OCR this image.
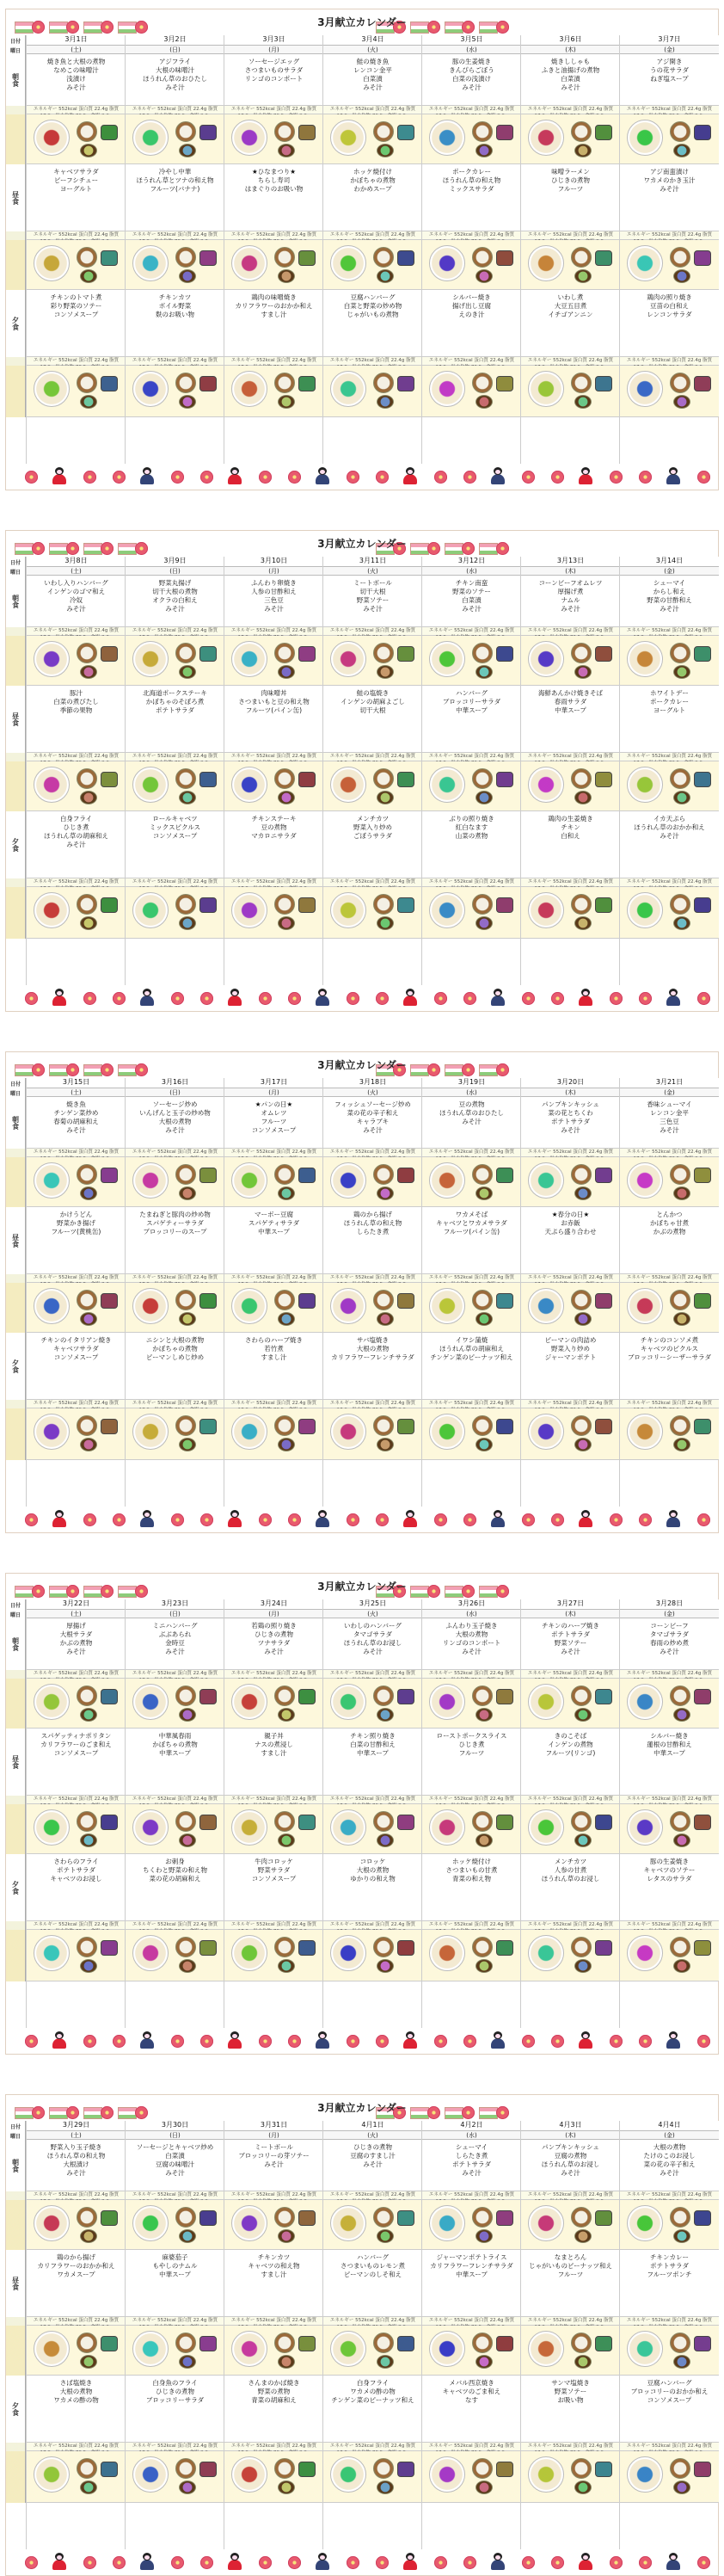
3月献立カレンダー
日付
曜日
朝食
昼食
夕食
3月1日
(土)
焼き魚と大根の煮物
なめこの味噌汁
浅漬け
みそ汁
エネルギー 552kcal 蛋白質 22.4g 脂質
エネルギー 552kcal 蛋白質 22.4g 脂質
エネルギー 552kcal 蛋白質 22.4g 脂質
キャベツサラダ
ビーフシチュー
ヨーグルト
チキンのトマト煮
彩り野菜のソテー
コンソメスープ
3月2日
(日)
アジフライ
大根の味噌汁
ほうれん草のおひたし
みそ汁
エネルギー 552kcal 蛋白質 22.4g 脂質
エネルギー 552kcal 蛋白質 22.4g 脂質
エネルギー 552kcal 蛋白質 22.4g 脂質
冷やし中華
ほうれん草とツナの和え物
フルーツ(バナナ)
チキンカツ
ボイル野菜
麩のお吸い物
3月3日
(月)
ソーセージエッグ
さつまいものサラダ
リンゴのコンポート
エネルギー 552kcal 蛋白質 22.4g 脂質
エネルギー 552kcal 蛋白質 22.4g 脂質
エネルギー 552kcal 蛋白質 22.4g 脂質
★ひなまつり★
ちらし寿司
はまぐりのお吸い物
鶏肉の味噌焼き
カリフラワーのおかか和え
すまし汁
3月4日
(火)
鮭の焼き魚
レンコン金平
白菜漬
みそ汁
エネルギー 552kcal 蛋白質 22.4g 脂質
エネルギー 552kcal 蛋白質 22.4g 脂質
エネルギー 552kcal 蛋白質 22.4g 脂質
ホッケ焼付け
かぼちゃの煮物
わかめスープ
豆腐ハンバーグ
白菜と野菜の炒め物
じゃがいもの煮物
3月5日
(水)
豚の生姜焼き
きんぴらごぼう
白菜の浅漬け
みそ汁
エネルギー 552kcal 蛋白質 22.4g 脂質
エネルギー 552kcal 蛋白質 22.4g 脂質
エネルギー 552kcal 蛋白質 22.4g 脂質
ポークカレー
ほうれん草の和え物
ミックスサラダ
シルバー焼き
揚げ出し豆腐
えのき汁
3月6日
(木)
焼きししゃも
ふきと油揚げの煮物
白菜漬
みそ汁
エネルギー 552kcal 蛋白質 22.4g 脂質
エネルギー 552kcal 蛋白質 22.4g 脂質
エネルギー 552kcal 蛋白質 22.4g 脂質
味噌ラーメン
ひじきの煮物
フルーツ
いわし煮
大豆五目煮
イチゴアンニン
3月7日
(金)
アジ開き
うの花サラダ
ねぎ塩スープ
エネルギー 552kcal 蛋白質 22.4g 脂質
エネルギー 552kcal 蛋白質 22.4g 脂質
エネルギー 552kcal 蛋白質 22.4g 脂質
アジ南蛮漬け
ワカメのかき玉汁
みそ汁
鶏肉の照り焼き
豆苗の白和え
レンコンサラダ
3月献立カレンダー
日付
曜日
朝食
昼食
夕食
3月8日
(土)
いわし入りハンバーグ
インゲンのゴマ和え
冷奴
みそ汁
エネルギー 552kcal 蛋白質 22.4g 脂質
エネルギー 552kcal 蛋白質 22.4g 脂質
エネルギー 552kcal 蛋白質 22.4g 脂質
豚汁
白菜の煮びたし
季節の果物
白身フライ
ひじき煮
ほうれん草の胡麻和え
みそ汁
3月9日
(日)
野菜丸揚げ
切干大根の煮物
オクラの白和え
みそ汁
エネルギー 552kcal 蛋白質 22.4g 脂質
エネルギー 552kcal 蛋白質 22.4g 脂質
エネルギー 552kcal 蛋白質 22.4g 脂質
北海道ポークステーキ
かぼちゃのそぼろ煮
ポテトサラダ
ロールキャベツ
ミックスピクルス
コンソメスープ
3月10日
(月)
ふんわり卵焼き
人参の甘酢和え
三色豆
みそ汁
エネルギー 552kcal 蛋白質 22.4g 脂質
エネルギー 552kcal 蛋白質 22.4g 脂質
エネルギー 552kcal 蛋白質 22.4g 脂質
肉味噌丼
さつまいもと豆の和え物
フルーツ(パイン缶)
チキンステーキ
豆の煮物
マカロニサラダ
3月11日
(火)
ミートボール
切干大根
野菜ソテー
みそ汁
エネルギー 552kcal 蛋白質 22.4g 脂質
エネルギー 552kcal 蛋白質 22.4g 脂質
エネルギー 552kcal 蛋白質 22.4g 脂質
鮭の塩焼き
インゲンの胡麻よごし
切干大根
メンチカツ
野菜入り炒め
ごぼうサラダ
3月12日
(水)
チキン南蛮
野菜のソテー
白菜漬
みそ汁
エネルギー 552kcal 蛋白質 22.4g 脂質
エネルギー 552kcal 蛋白質 22.4g 脂質
エネルギー 552kcal 蛋白質 22.4g 脂質
ハンバーグ
ブロッコリーサラダ
中華スープ
ぶりの照り焼き
紅白なます
山菜の煮物
3月13日
(木)
コーンビーフオムレツ
厚揚げ煮
ナムル
みそ汁
エネルギー 552kcal 蛋白質 22.4g 脂質
エネルギー 552kcal 蛋白質 22.4g 脂質
エネルギー 552kcal 蛋白質 22.4g 脂質
海鮮あんかけ焼きそば
春雨サラダ
中華スープ
鶏肉の生姜焼き
チキン
白和え
3月14日
(金)
シューマイ
からし和え
野菜の甘酢和え
みそ汁
エネルギー 552kcal 蛋白質 22.4g 脂質
エネルギー 552kcal 蛋白質 22.4g 脂質
エネルギー 552kcal 蛋白質 22.4g 脂質
ホワイトデー
ポークカレー
ヨーグルト
イカ天ぷら
ほうれん草のおかか和え
みそ汁
3月献立カレンダー
日付
曜日
朝食
昼食
夕食
3月15日
(土)
焼き魚
チンゲン菜炒め
春菊の胡麻和え
みそ汁
エネルギー 552kcal 蛋白質 22.4g 脂質
エネルギー 552kcal 蛋白質 22.4g 脂質
エネルギー 552kcal 蛋白質 22.4g 脂質
かけうどん
野菜かき揚げ
フルーツ(黄桃缶)
チキンのイタリアン焼き
キャベツサラダ
コンソメスープ
3月16日
(日)
ソーセージ炒め
いんげんと玉子の炒め物
大根の煮物
みそ汁
エネルギー 552kcal 蛋白質 22.4g 脂質
エネルギー 552kcal 蛋白質 22.4g 脂質
エネルギー 552kcal 蛋白質 22.4g 脂質
たまねぎと豚肉の炒め物
スパゲティーサラダ
プロッコリーのスープ
ニシンと大根の煮物
かぼちゃの煮物
ピーマンしめじ炒め
3月17日
(月)
★パンの日★
オムレツ
フルーツ
コンソメスープ
エネルギー 552kcal 蛋白質 22.4g 脂質
エネルギー 552kcal 蛋白質 22.4g 脂質
エネルギー 552kcal 蛋白質 22.4g 脂質
マーボー豆腐
スパゲティサラダ
中華スープ
さわらのハーブ焼き
若竹煮
すまし汁
3月18日
(火)
フィッシュソーセージ炒め
菜の花の辛子和え
キャラブキ
みそ汁
エネルギー 552kcal 蛋白質 22.4g 脂質
エネルギー 552kcal 蛋白質 22.4g 脂質
エネルギー 552kcal 蛋白質 22.4g 脂質
鶏のから揚げ
ほうれん草の和え物
しらたき煮
サバ塩焼き
大根の煮物
カリフラワーフレンチサラダ
3月19日
(水)
豆の煮物
ほうれん草のおひたし
みそ汁
エネルギー 552kcal 蛋白質 22.4g 脂質
エネルギー 552kcal 蛋白質 22.4g 脂質
エネルギー 552kcal 蛋白質 22.4g 脂質
ワカメそば
キャベツとワカメサラダ
フルーツ(パイン缶)
イワシ蒲焼
ほうれん草の胡麻和え
チンゲン菜のピーナッツ和え
3月20日
(木)
パンプキンキッシュ
菜の花とちくわ
ポテトサラダ
みそ汁
エネルギー 552kcal 蛋白質 22.4g 脂質
エネルギー 552kcal 蛋白質 22.4g 脂質
エネルギー 552kcal 蛋白質 22.4g 脂質
★春分の日★
お赤飯
天ぷら盛り合わせ
ピーマンの肉詰め
野菜入り炒め
ジャーマンポテト
3月21日
(金)
香味シューマイ
レンコン金平
三色豆
みそ汁
エネルギー 552kcal 蛋白質 22.4g 脂質
エネルギー 552kcal 蛋白質 22.4g 脂質
エネルギー 552kcal 蛋白質 22.4g 脂質
とんかつ
かぼちゃ甘煮
かぶの煮物
チキンのコンソメ煮
キャベツのピクルス
ブロッコリーシーザーサラダ
3月献立カレンダー
日付
曜日
朝食
昼食
夕食
3月22日
(土)
厚揚げ
大根サラダ
かぶの煮物
みそ汁
エネルギー 552kcal 蛋白質 22.4g 脂質
エネルギー 552kcal 蛋白質 22.4g 脂質
エネルギー 552kcal 蛋白質 22.4g 脂質
スパゲッティナポリタン
カリフラワーのごま和え
コンソメスープ
さわらのフライ
ポテトサラダ
キャベツのお浸し
3月23日
(日)
ミニハンバーグ
ぶぶあられ
金時豆
みそ汁
エネルギー 552kcal 蛋白質 22.4g 脂質
エネルギー 552kcal 蛋白質 22.4g 脂質
エネルギー 552kcal 蛋白質 22.4g 脂質
中華風春雨
かぼちゃの煮物
中華スープ
お刺身
ちくわと野菜の和え物
菜の花の胡麻和え
3月24日
(月)
若鶏の照り焼き
ひじきの煮物
ツナサラダ
みそ汁
エネルギー 552kcal 蛋白質 22.4g 脂質
エネルギー 552kcal 蛋白質 22.4g 脂質
エネルギー 552kcal 蛋白質 22.4g 脂質
親子丼
ナスの煮浸し
すまし汁
牛肉コロッケ
野菜サラダ
コンソメスープ
3月25日
(火)
いわしのハンバーグ
タマゴサラダ
ほうれん草のお浸し
みそ汁
エネルギー 552kcal 蛋白質 22.4g 脂質
エネルギー 552kcal 蛋白質 22.4g 脂質
エネルギー 552kcal 蛋白質 22.4g 脂質
チキン照り焼き
白菜の甘酢和え
中華スープ
コロッケ
大根の煮物
ゆかりの和え物
3月26日
(水)
ふんわり玉子焼き
大根の煮物
リンゴのコンポート
みそ汁
エネルギー 552kcal 蛋白質 22.4g 脂質
エネルギー 552kcal 蛋白質 22.4g 脂質
エネルギー 552kcal 蛋白質 22.4g 脂質
ローストポークスライス
ひじき煮
フルーツ
ホッケ焼付け
さつまいもの甘煮
青菜の和え物
3月27日
(木)
チキンのハーブ焼き
ポテトサラダ
野菜ソテー
みそ汁
エネルギー 552kcal 蛋白質 22.4g 脂質
エネルギー 552kcal 蛋白質 22.4g 脂質
エネルギー 552kcal 蛋白質 22.4g 脂質
きのこそば
インゲンの煮物
フルーツ(リンゴ)
メンチカツ
人参の甘煮
ほうれん草のお浸し
3月28日
(金)
コーンビーフ
タマゴサラダ
春雨の炒め煮
みそ汁
エネルギー 552kcal 蛋白質 22.4g 脂質
エネルギー 552kcal 蛋白質 22.4g 脂質
エネルギー 552kcal 蛋白質 22.4g 脂質
シルバー焼き
蓮根の甘酢和え
中華スープ
豚の生姜焼き
キャベツのソテー
レタスのサラダ
3月献立カレンダー
日付
曜日
朝食
昼食
夕食
3月29日
(土)
野菜入り玉子焼き
ほうれん草の和え物
大根漬け
みそ汁
エネルギー 552kcal 蛋白質 22.4g 脂質
エネルギー 552kcal 蛋白質 22.4g 脂質
エネルギー 552kcal 蛋白質 22.4g 脂質
鶏のから揚げ
カリフラワーのおかか和え
ワカメスープ
さば塩焼き
大根の煮物
ワカメの酢の物
3月30日
(日)
ソーセージとキャベツ炒め
白菜漬
豆腐の味噌汁
みそ汁
エネルギー 552kcal 蛋白質 22.4g 脂質
エネルギー 552kcal 蛋白質 22.4g 脂質
エネルギー 552kcal 蛋白質 22.4g 脂質
麻婆茄子
もやしのナムル
中華スープ
白身魚のフライ
ひじきの煮物
ブロッコリーサラダ
3月31日
(月)
ミートボール
ブロッコリーの芽ソテー
みそ汁
エネルギー 552kcal 蛋白質 22.4g 脂質
エネルギー 552kcal 蛋白質 22.4g 脂質
エネルギー 552kcal 蛋白質 22.4g 脂質
チキンカツ
キャベツの和え物
すまし汁
さんまのかば焼き
野菜の煮物
青菜の胡麻和え
4月1日
(火)
ひじきの煮物
豆腐のすまし汁
みそ汁
エネルギー 552kcal 蛋白質 22.4g 脂質
エネルギー 552kcal 蛋白質 22.4g 脂質
エネルギー 552kcal 蛋白質 22.4g 脂質
ハンバーグ
さつまいものレモン煮
ピーマンのしそ和え
白身フライ
ワカメの酢の物
チンゲン菜のピーナッツ和え
4月2日
(水)
シューマイ
しらたき煮
ポテトサラダ
みそ汁
エネルギー 552kcal 蛋白質 22.4g 脂質
エネルギー 552kcal 蛋白質 22.4g 脂質
エネルギー 552kcal 蛋白質 22.4g 脂質
ジャーマンポテトライス
カリフラワーフレンチサラダ
中華スープ
メバル西京焼き
キャベツのごま和え
なす
4月3日
(木)
パンプキンキッシュ
豆腐の煮物
ほうれん草のお浸し
みそ汁
エネルギー 552kcal 蛋白質 22.4g 脂質
エネルギー 552kcal 蛋白質 22.4g 脂質
エネルギー 552kcal 蛋白質 22.4g 脂質
なまとろん
じゃがいものピーナッツ和え
フルーツ
サンマ塩焼き
野菜ソテー
お吸い物
4月4日
(金)
大根の煮物
たけのこのお浸し
菜の花の辛子和え
みそ汁
エネルギー 552kcal 蛋白質 22.4g 脂質
エネルギー 552kcal 蛋白質 22.4g 脂質
エネルギー 552kcal 蛋白質 22.4g 脂質
チキンカレー
ポテトサラダ
フルーツポンチ
豆腐ハンバーグ
ブロッコリーのおかか和え
コンソメスープ
